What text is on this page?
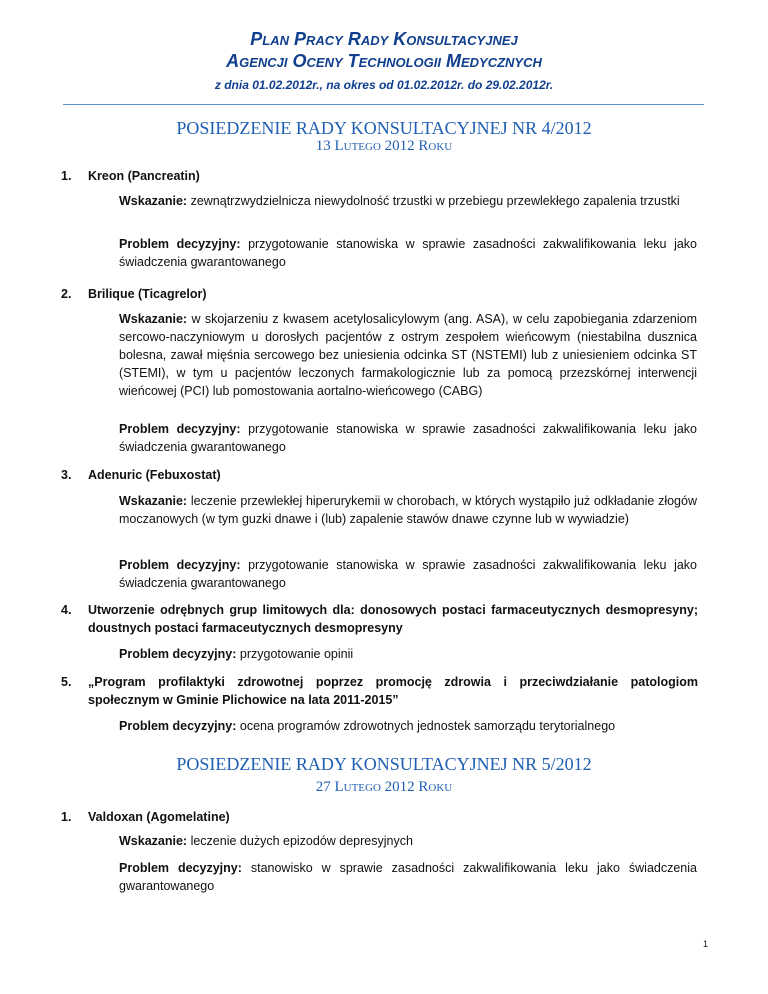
Plan Pracy Rady Konsultacyjnej
Agencji Oceny Technologii Medycznych
z dnia 01.02.2012r., na okres od 01.02.2012r. do 29.02.2012r.
POSIEDZENIE RADY KONSULTACYJNEJ NR 4/2012
13 Lutego 2012 Roku
1. Kreon (Pancreatin)
Wskazanie: zewnątrzwydzielnicza niewydolność trzustki w przebiegu przewlekłego zapalenia trzustki
Problem decyzyjny: przygotowanie stanowiska w sprawie zasadności zakwalifikowania leku jako świadczenia gwarantowanego
2. Brilique (Ticagrelor)
Wskazanie: w skojarzeniu z kwasem acetylosalicylowym (ang. ASA), w celu zapobiegania zdarzeniom sercowo-naczyniowym u dorosłych pacjentów z ostrym zespołem wieńcowym (niestabilna dusznica bolesna, zawał mięśnia sercowego bez uniesienia odcinka ST (NSTEMI) lub z uniesieniem odcinka ST (STEMI), w tym u pacjentów leczonych farmakologicznie lub za pomocą przezskórnej interwencji wieńcowej (PCI) lub pomostowania aortalno-wieńcowego (CABG)
Problem decyzyjny: przygotowanie stanowiska w sprawie zasadności zakwalifikowania leku jako świadczenia gwarantowanego
3. Adenuric (Febuxostat)
Wskazanie: leczenie przewlekłej hiperurykemii w chorobach, w których wystąpiło już odkładanie złogów moczanowych (w tym guzki dnawe i (lub) zapalenie stawów dnawe czynne lub w wywiadzie)
Problem decyzyjny: przygotowanie stanowiska w sprawie zasadności zakwalifikowania leku jako świadczenia gwarantowanego
4. Utworzenie odrębnych grup limitowych dla: donosowych postaci farmaceutycznych desmopresyny; doustnych postaci farmaceutycznych desmopresyny
Problem decyzyjny: przygotowanie opinii
5. „Program profilaktyki zdrowotnej poprzez promocję zdrowia i przeciwdziałanie patologiom społecznym w Gminie Plichowice na lata 2011-2015”
Problem decyzyjny: ocena programów zdrowotnych jednostek samorządu terytorialnego
POSIEDZENIE RADY KONSULTACYJNEJ NR 5/2012
27 Lutego 2012 Roku
1. Valdoxan (Agomelatine)
Wskazanie: leczenie dużych epizodów depresyjnych
Problem decyzyjny: stanowisko w sprawie zasadności zakwalifikowania leku jako świadczenia gwarantowanego
1
